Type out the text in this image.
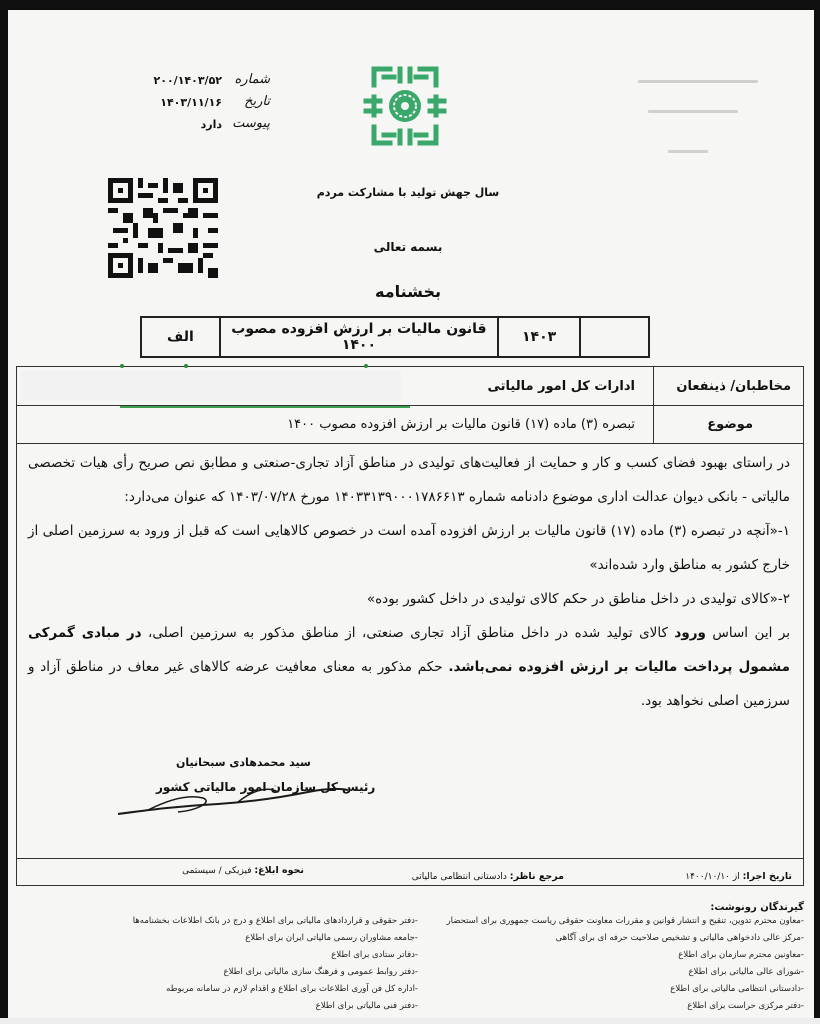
شماره
۲۰۰/۱۴۰۳/۵۲
تاریخ
۱۴۰۳/۱۱/۱۶
پیوست
دارد
سال جهش تولید با مشارکت مردم
بسمه تعالی
بخشنامه
	۱۴۰۳	قانون مالیات بر ارزش افزوده مصوب ۱۴۰۰	الف
مخاطبان/ ذینفعان
ادارات کل امور مالیاتی
موضوع
تبصره (۳) ماده (۱۷) قانون مالیات بر ارزش افزوده مصوب ۱۴۰۰

در راستای بهبود فضای کسب و کار و حمایت از فعالیت‌های تولیدی در مناطق آزاد تجاری-صنعتی و مطابق نص صریح رأی هیات تخصصی مالیاتی - بانکی دیوان عدالت اداری موضوع دادنامه شماره ۱۴۰۳۳۱۳۹۰۰۰۱۷۸۶۶۱۳ مورخ ۱۴۰۳/۰۷/۲۸ که عنوان می‌دارد:

۱-«آنچه در تبصره (۳) ماده (۱۷) قانون مالیات بر ارزش افزوده آمده است در خصوص کالاهایی است که قبل از ورود به سرزمین اصلی از خارج کشور به مناطق وارد شده‌اند»

۲-«کالای تولیدی در داخل مناطق در حکم کالای تولیدی در داخل کشور بوده»

بر این اساس ورود کالای تولید شده در داخل مناطق آزاد تجاری صنعتی، از مناطق مذکور به سرزمین اصلی، در مبادی گمرکی مشمول پرداخت مالیات بر ارزش افزوده نمی‌باشد. حکم مذکور به معنای معافیت عرضه کالاهای غیر معاف در مناطق آزاد و سرزمین اصلی نخواهد بود.

سید محمدهادی سبحانیان
رئیس کل سازمان امور مالیاتی کشور
تاریخ اجرا: از ۱۴۰۰/۱۰/۱۰
مرجع ناظر: دادستانی انتظامی مالیاتی
نحوه ابلاغ: فیزیکی / سیستمی
گیرندگان رونوشت:
-معاون محترم تدوین، تنقیح و انتشار قوانین و مقررات معاونت حقوقی ریاست جمهوری برای استحضار
-مرکز عالی دادخواهی مالیاتی و تشخیص صلاحیت حرفه ای برای آگاهی
-معاونین محترم سازمان برای اطلاع
-شورای عالی مالیاتی برای اطلاع
-دادستانی انتظامی مالیاتی برای اطلاع
-دفتر مرکزی حراست برای اطلاع
-دفتر حقوقی و قراردادهای مالیاتی برای اطلاع و درج در بانک اطلاعات بخشنامه‌ها
-جامعه مشاوران رسمی مالیاتی ایران برای اطلاع
-دفاتر ستادی برای اطلاع
-دفتر روابط عمومی و فرهنگ سازی مالیاتی برای اطلاع
-اداره کل فن آوری اطلاعات برای اطلاع و اقدام لازم در سامانه مربوطه
-دفتر فنی مالیاتی برای اطلاع
